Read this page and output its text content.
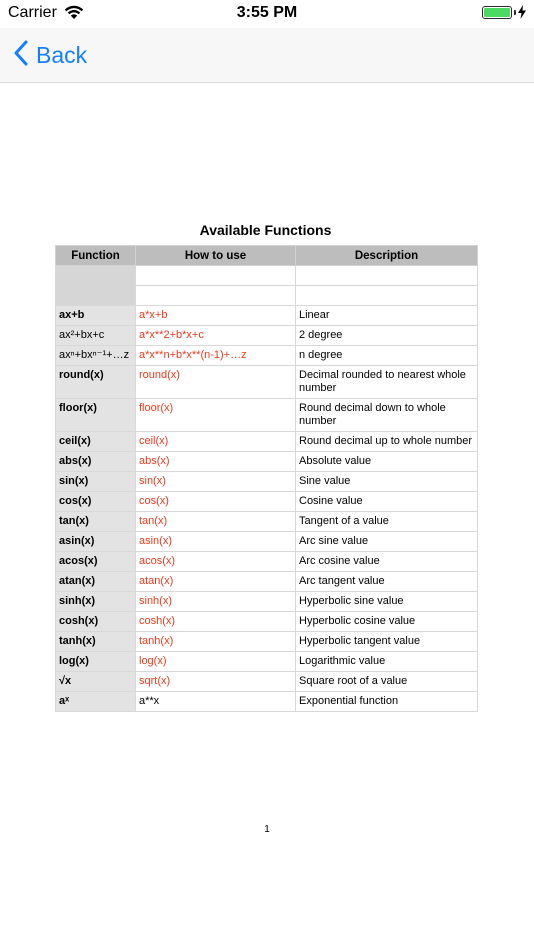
Carrier	3:55 PM
Back
Available Functions
Function	How to use	Description

ax+b	a*x+b	Linear
ax²+bx+c	a*x**2+b*x+c	2 degree
axⁿ+bxⁿ⁻¹+…z	a*x**n+b*x**(n-1)+…z	n degree
round(x)	round(x)	Decimal rounded to nearest whole number
floor(x)	floor(x)	Round decimal down to whole number
ceil(x)	ceil(x)	Round decimal up to whole number
abs(x)	abs(x)	Absolute value
sin(x)	sin(x)	Sine value
cos(x)	cos(x)	Cosine value
tan(x)	tan(x)	Tangent of a value
asin(x)	asin(x)	Arc sine value
acos(x)	acos(x)	Arc cosine value
atan(x)	atan(x)	Arc tangent value
sinh(x)	sinh(x)	Hyperbolic sine value
cosh(x)	cosh(x)	Hyperbolic cosine value
tanh(x)	tanh(x)	Hyperbolic tangent value
log(x)	log(x)	Logarithmic value
√x	sqrt(x)	Square root of a value
aˣ	a**x	Exponential function
1
